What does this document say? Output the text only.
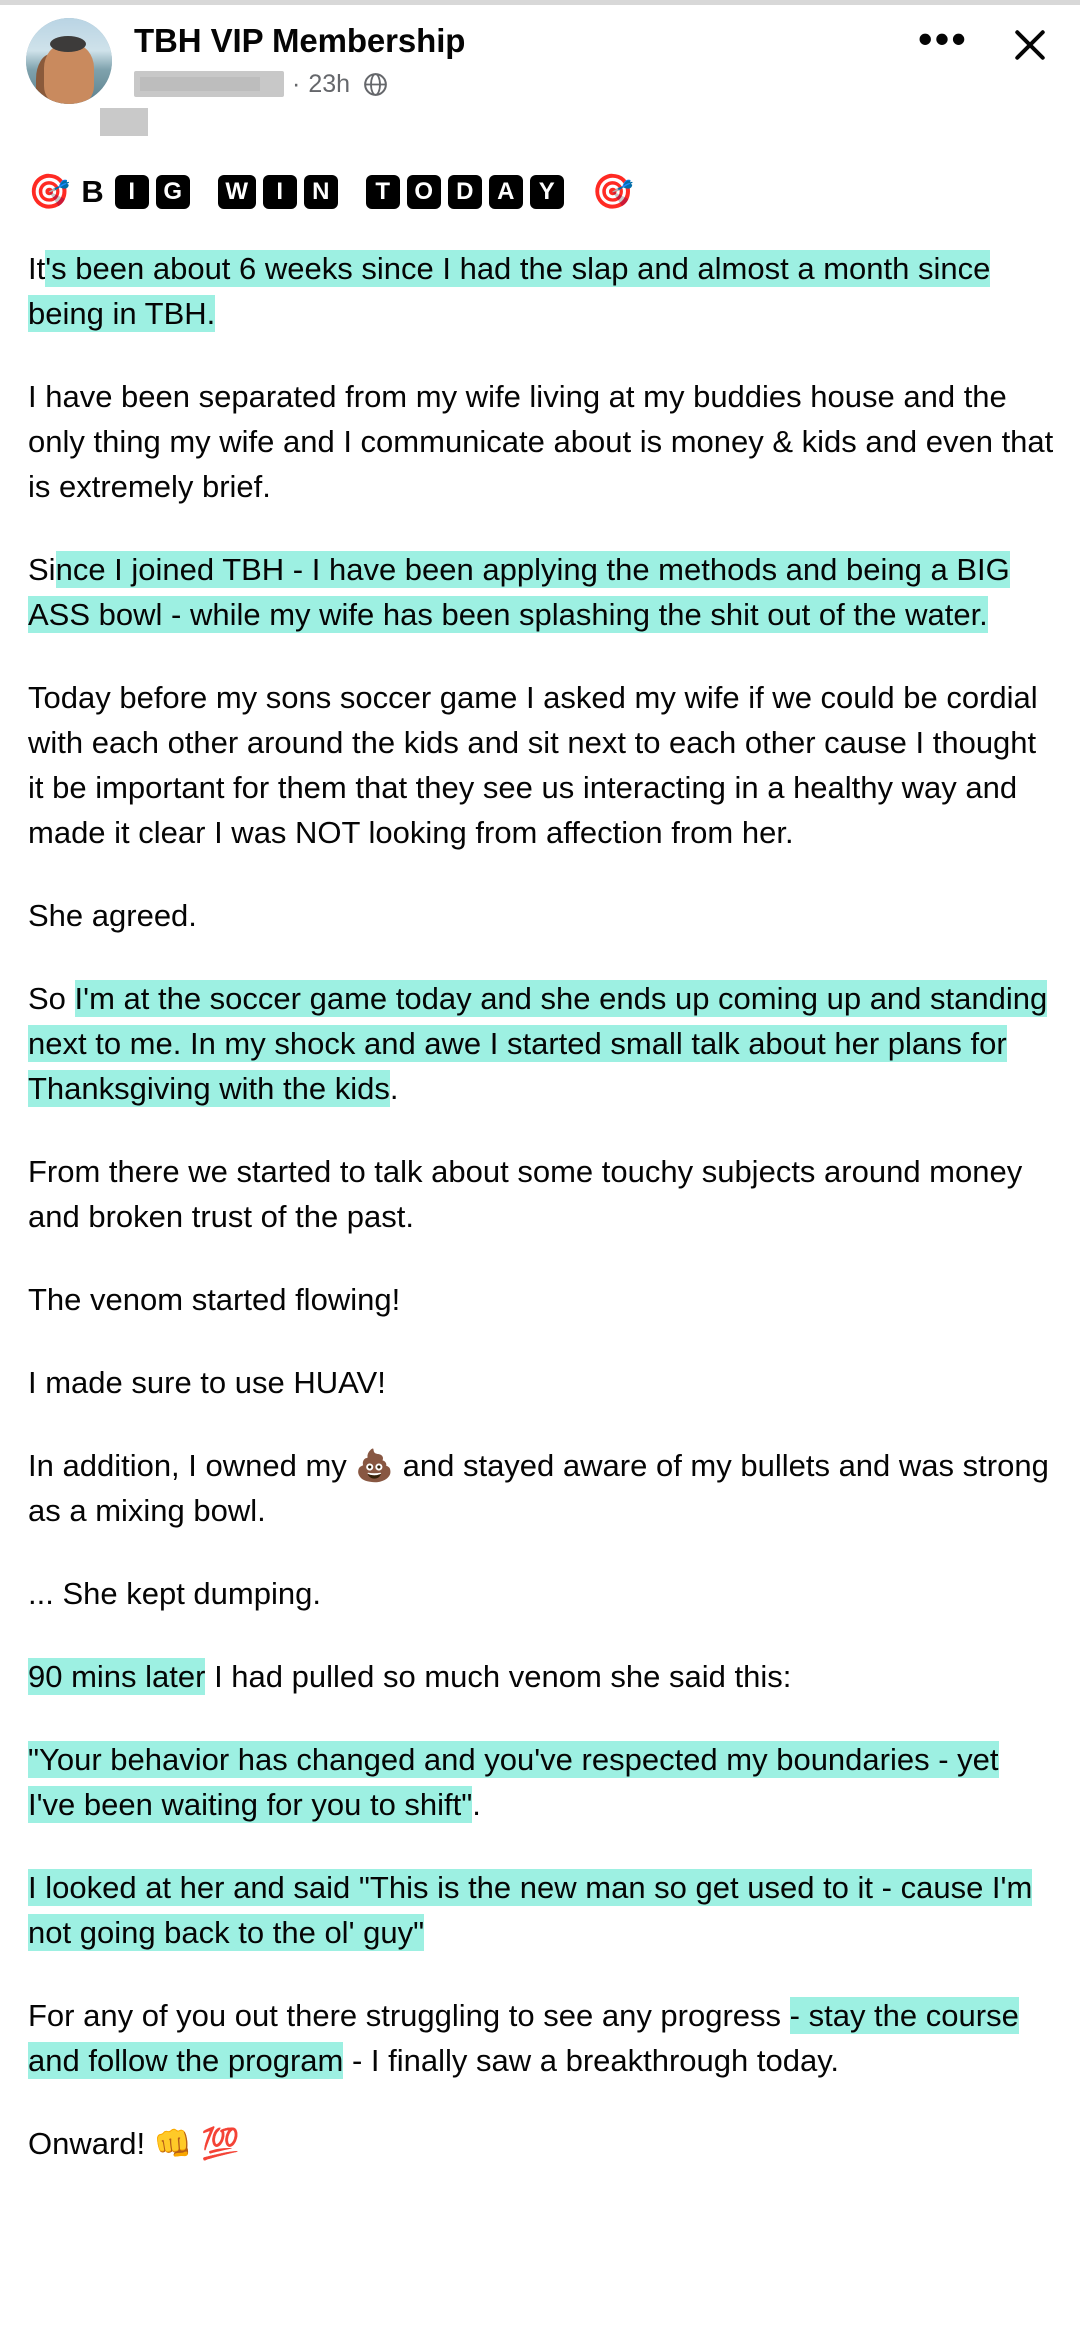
TBH VIP Membership
· 23h
•••
🎯 B	I	G	W	I	N	T	O D A	Y 🎯

It's been about 6 weeks since I had the slap and almost a month since being in TBH.

I have been separated from my wife living at my buddies house and the only thing my wife and I communicate about is money & kids and even that is extremely brief.

Since I joined TBH - I have been applying the methods and being a BIG ASS bowl - while my wife has been splashing the shit out of the water.

Today before my sons soccer game I asked my wife if we could be cordial with each other around the kids and sit next to each other cause I thought it be important for them that they see us interacting in a healthy way and made it clear I was NOT looking from affection from her.

She agreed.

So I'm at the soccer game today and she ends up coming up and standing next to me. In my shock and awe I started small talk about her plans for Thanksgiving with the kids.

From there we started to talk about some touchy subjects around money and broken trust of the past.

The venom started flowing!

I made sure to use HUAV!

In addition, I owned my 💩 and stayed aware of my bullets and was strong as a mixing bowl.

... She kept dumping.

90 mins later I had pulled so much venom she said this:

"Your behavior has changed and you've respected my boundaries - yet I've been waiting for you to shift".

I looked at her and said "This is the new man so get used to it - cause I'm not going back to the ol' guy"

For any of you out there struggling to see any progress - stay the course and follow the program - I finally saw a breakthrough today.

Onward! 👊 💯
